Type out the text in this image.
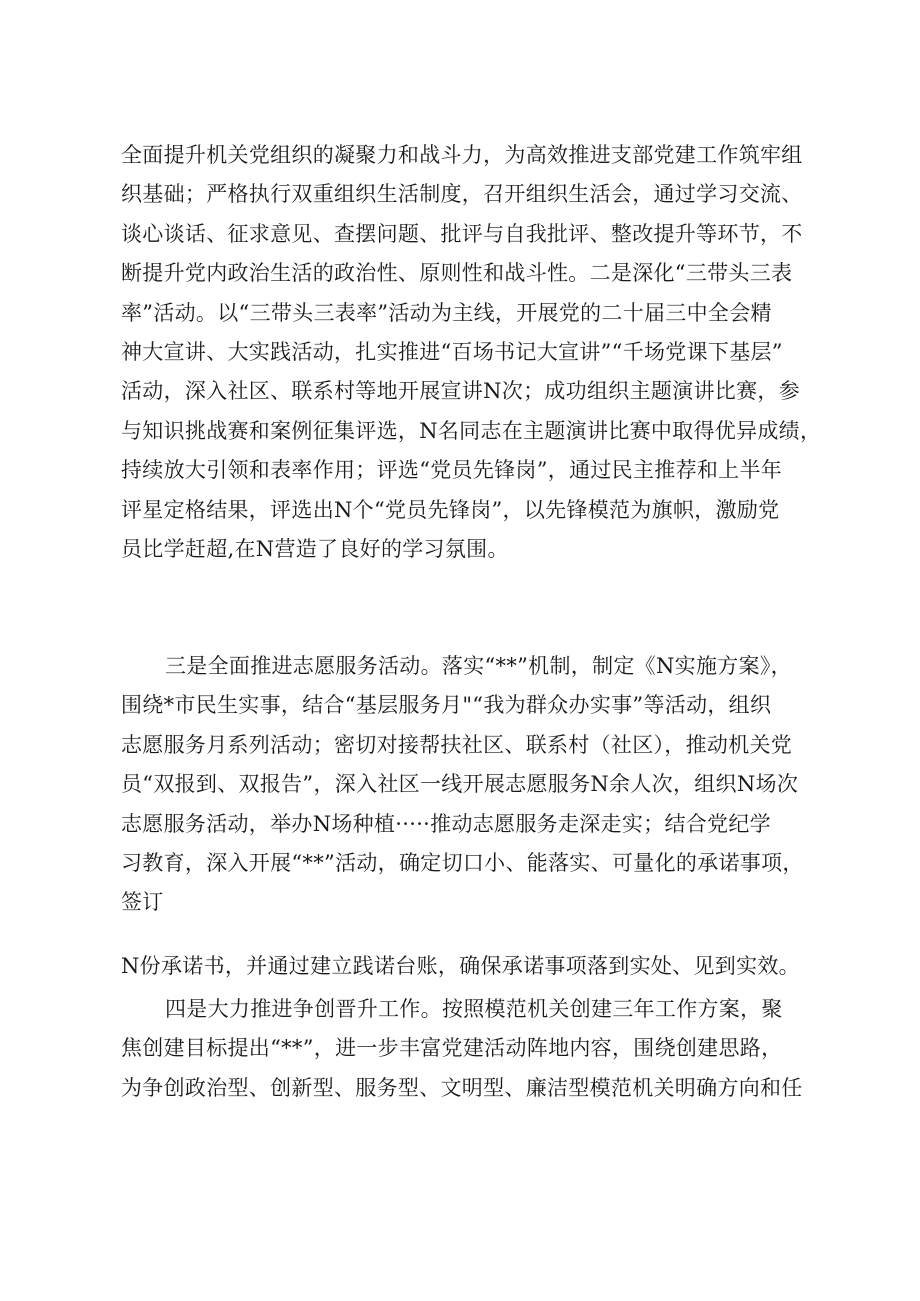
全面提升机关党组织的凝聚力和战斗力，为高效推进支部党建工作筑牢组
织基础；严格执行双重组织生活制度，召开组织生活会，通过学习交流、
谈心谈话、征求意见、查摆问题、批评与自我批评、整改提升等环节，不
断提升党内政治生活的政治性、原则性和战斗性。二是深化“三带头三表
率”活动。以“三带头三表率”活动为主线，开展党的二十届三中全会精
神大宣讲、大实践活动，扎实推进“百场书记大宣讲”“千场党课下基层”
活动，深入社区、联系村等地开展宣讲N次；成功组织主题演讲比赛，参
与知识挑战赛和案例征集评选，N名同志在主题演讲比赛中取得优异成绩，
持续放大引领和表率作用；评选“党员先锋岗”，通过民主推荐和上半年
评星定格结果，评选出N个“党员先锋岗”，以先锋模范为旗帜，激励党
员比学赶超,在N营造了良好的学习氛围。
三是全面推进志愿服务活动。落实“**”机制，制定《N实施方案》，
围绕*市民生实事，结合“基层服务月"“我为群众办实事”等活动，组织
志愿服务月系列活动；密切对接帮扶社区、联系村（社区），推动机关党
员“双报到、双报告”，深入社区一线开展志愿服务N余人次，组织N场次
志愿服务活动，举办N场种植·····推动志愿服务走深走实；结合党纪学
习教育，深入开展“**”活动，确定切口小、能落实、可量化的承诺事项，
签订
N份承诺书，并通过建立践诺台账，确保承诺事项落到实处、见到实效。
四是大力推进争创晋升工作。按照模范机关创建三年工作方案，聚
焦创建目标提出“**”，进一步丰富党建活动阵地内容，围绕创建思路，
为争创政治型、创新型、服务型、文明型、廉洁型模范机关明确方向和任
